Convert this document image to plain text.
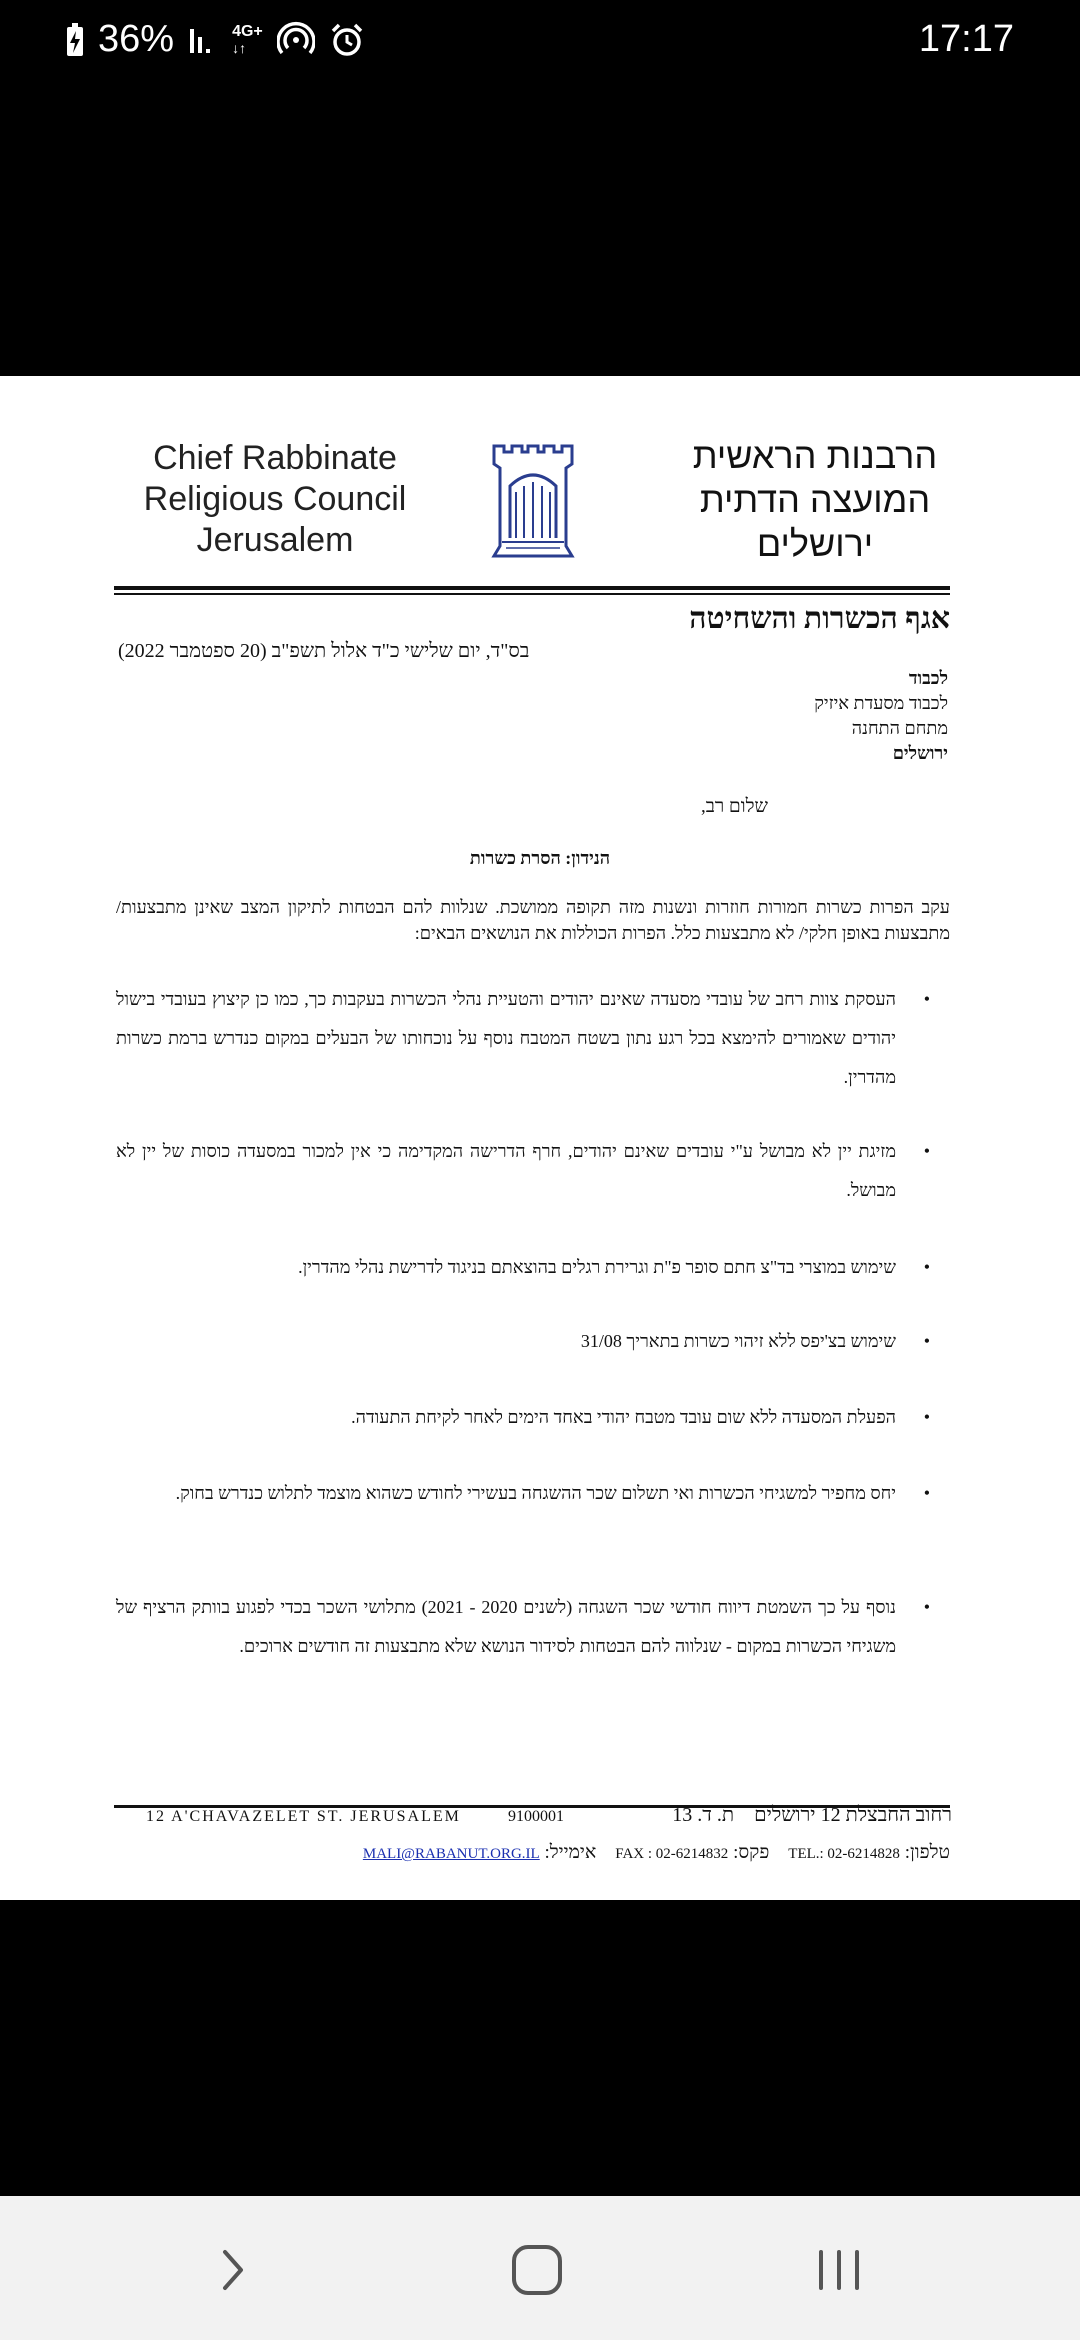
36%	4G+
↓↑	17:17
Chief Rabbinate
Religious Council
Jerusalem
הרבנות הראשית
המועצה הדתית
ירושלים
אגף הכשרות והשחיטה
בס"ד, יום שלישי כ"ד אלול תשפ"ב (20 ספטמבר 2022)
לכבוד
לכבוד מסעדת איזיק
מתחם התחנה
ירושלים
שלום רב,
הנידון: הסרת כשרות
עקב הפרות כשרות חמורות חוזרות ונשנות מזה תקופה ממושכת. שנלוות להם הבטחות לתיקון המצב שאינן מתבצעות/ מתבצעות באופן חלקי/ לא מתבצעות כלל. הפרות הכוללות את הנושאים הבאים:
•
העסקת צוות רחב של עובדי מסעדה שאינם יהודים והטעיית נהלי הכשרות בעקבות כך, כמו כן קיצוץ בעובדי בישול יהודים שאמורים להימצא בכל רגע נתון בשטח המטבח נוסף על נוכחותו של הבעלים במקום כנדרש ברמת כשרות מהדרין.
•
מזיגת יין לא מבושל ע"י עובדים שאינם יהודים, חרף הדרישה המקדימה כי אין למכור במסעדה כוסות של יין לא מבושל.
•
שימוש במוצרי בד"צ חתם סופר פ"ת וגרירת רגלים בהוצאתם בניגוד לדרישת נהלי מהדרין.
•
שימוש בצ'יפס ללא זיהוי כשרות בתאריך 31/08
•
הפעלת המסעדה ללא שום עובד מטבח יהודי באחד הימים לאחר לקיחת התעודה.
•
יחס מחפיר למשגיחי הכשרות ואי תשלום שכר ההשגחה בעשירי לחודש כשהוא מוצמד לתלוש כנדרש בחוק.
•
נוסף על כך השמטת דיווח חודשי שכר השגחה (לשנים 2020 - 2021) מתלושי השכר בכדי לפגוע בוותק הרציף של משגיחי הכשרות במקום - שנלווה להם הבטחות לסידור הנושא שלא מתבצעות זה חודשים ארוכים.
12 A'CHAVAZELET ST. JERUSALEM	9100001	רחוב החבצלת 12 ירושלים    ת. ד. 13
טלפון: TEL.: 02-6214828    פקס: FAX : 02-6214832    אימייל: MALI@RABANUT.ORG.IL
